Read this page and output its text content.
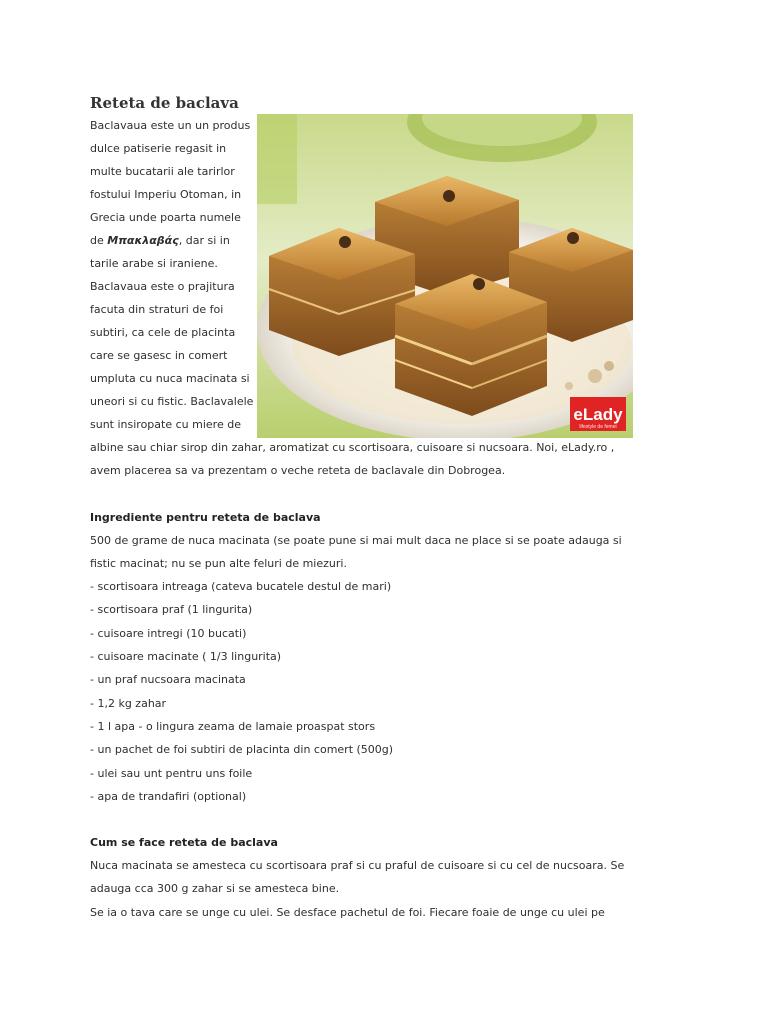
Reteta de baclava
Baclavaua este un un produs
dulce patiserie regasit in
multe bucatarii ale tarirlor
fostului Imperiu Otoman, in
Grecia unde poarta numele
de Μπακλαβάς, dar si in
tarile arabe si iraniene.
Baclavaua este o prajitura
facuta din straturi de foi
subtiri, ca cele de placinta
care se gasesc in comert
umpluta cu nuca macinata si
uneori si cu fistic. Baclavalele
sunt insiropate cu miere de
eLady
lifestyle de femei
albine sau chiar sirop din zahar, aromatizat cu scortisoara, cuisoare si nucsoara. Noi, eLady.ro ,
avem placerea sa va prezentam o veche reteta de baclavale din Dobrogea.
Ingrediente pentru reteta de baclava
500 de grame de nuca macinata (se poate pune si mai mult daca ne place si se poate adauga si
fistic macinat; nu se pun alte feluri de miezuri.
- scortisoara intreaga (cateva bucatele destul de mari)
- scortisoara praf (1 lingurita)
- cuisoare intregi (10 bucati)
- cuisoare macinate ( 1/3 lingurita)
- un praf nucsoara macinata
- 1,2 kg zahar
- 1 l apa - o lingura zeama de lamaie proaspat stors
- un pachet de foi subtiri de placinta din comert (500g)
- ulei sau unt pentru uns foile
- apa de trandafiri (optional)
Cum se face reteta de baclava
Nuca macinata se amesteca cu scortisoara praf si cu praful de cuisoare si cu cel de nucsoara. Se
adauga cca 300 g zahar si se amesteca bine.
Se ia o tava care se unge cu ulei. Se desface pachetul de foi. Fiecare foaie de unge cu ulei pe
